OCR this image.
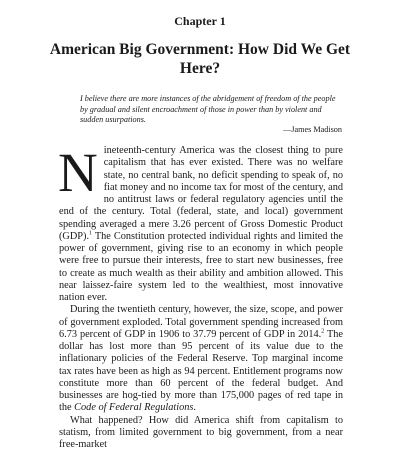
Chapter 1
American Big Government: How Did We Get Here?
I believe there are more instances of the abridgement of freedom of the people by gradual and silent encroachment of those in power than by violent and sudden usurpations.
—James Madison

Nineteenth-century America was the closest thing to pure capitalism that has ever existed. There was no welfare state, no central bank, no deficit spending to speak of, no fiat money and no income tax for most of the century, and no antitrust laws or federal regulatory agencies until the end of the century. Total (federal, state, and local) government spending averaged a mere 3.26 percent of Gross Domestic Product (GDP).$^1$ The Constitution protected individual rights and limited the power of government, giving rise to an economy in which people were free to pursue their interests, free to start new businesses, free to create as much wealth as their ability and ambition allowed. This near laissez-faire system led to the wealthiest, most innovative nation ever.

During the twentieth century, however, the size, scope, and power of government exploded. Total government spending increased from 6.73 percent of GDP in 1906 to 37.79 percent of GDP in 2014.$^2$ The dollar has lost more than 95 percent of its value due to the inflationary policies of the Federal Reserve. Top marginal income tax rates have been as high as 94 percent. Entitlement programs now constitute more than 60 percent of the federal budget. And businesses are hog-tied by more than 175,000 pages of red tape in the Code of Federal Regulations.

What happened? How did America shift from capitalism to statism, from limited government to big government, from a near free-market
